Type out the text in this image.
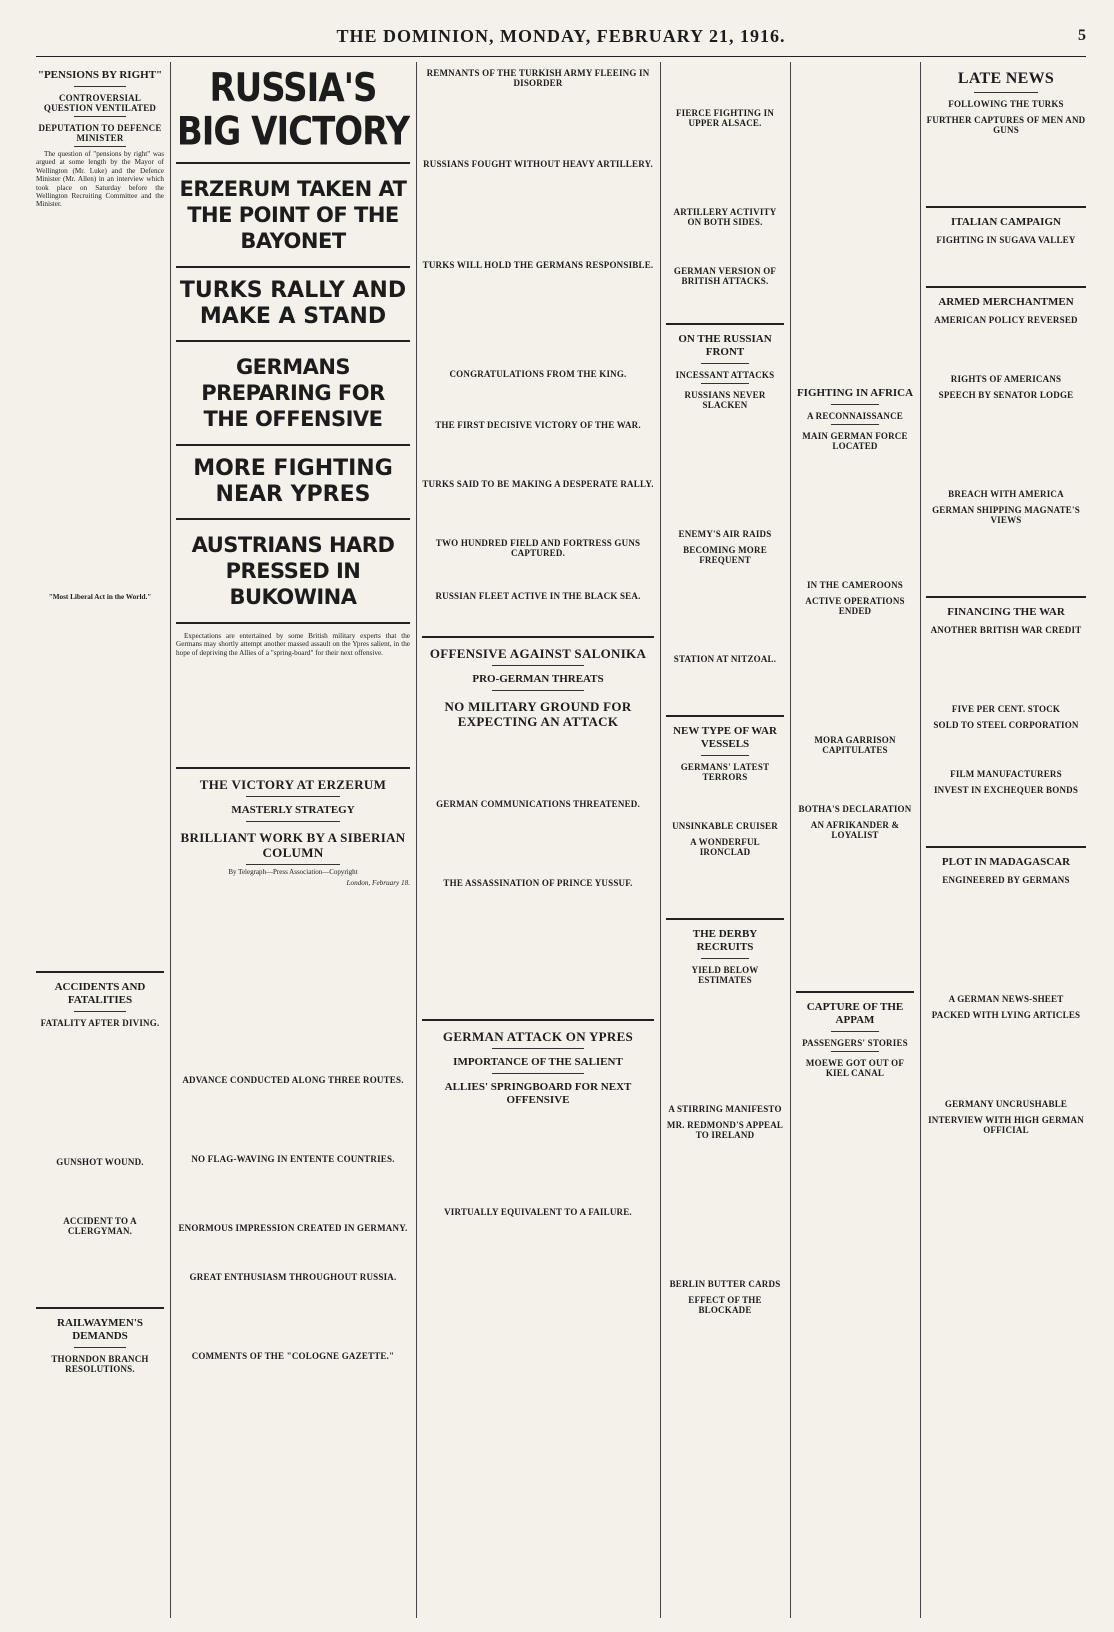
THE DOMINION, MONDAY, FEBRUARY 21, 1916.	5
"PENSIONS BY RIGHT"
CONTROVERSIAL QUESTION VENTILATED
DEPUTATION TO DEFENCE MINISTER

The question of "pensions by right" was argued at some length by the Mayor of Wellington (Mr. Luke) and the Defence Minister (Mr. Allen) in an interview which took place on Saturday before the Wellington Recruiting Committee and the Minister.

"Most Liberal Act in the World."

ACCIDENTS AND FATALITIES
FATALITY AFTER DIVING.
GUNSHOT WOUND.
ACCIDENT TO A CLERGYMAN.
RAILWAYMEN'S DEMANDS
THORNDON BRANCH RESOLUTIONS.
RUSSIA'S BIG VICTORY
ERZERUM TAKEN AT THE POINT OF THE BAYONET
TURKS RALLY AND MAKE A STAND
GERMANS PREPARING FOR THE OFFENSIVE
MORE FIGHTING NEAR YPRES
AUSTRIANS HARD PRESSED IN BUKOWINA

Expectations are entertained by some British military experts that the Germans may shortly attempt another massed assault on the Ypres salient, in the hope of depriving the Allies of a "spring-board" for their next offensive.

THE VICTORY AT ERZERUM
MASTERLY STRATEGY
BRILLIANT WORK BY A SIBERIAN COLUMN
By Telegraph—Press Association—Copyright
London, February 18.
ADVANCE CONDUCTED ALONG THREE ROUTES.
NO FLAG-WAVING IN ENTENTE COUNTRIES.
ENORMOUS IMPRESSION CREATED IN GERMANY.
GREAT ENTHUSIASM THROUGHOUT RUSSIA.
COMMENTS OF THE "COLOGNE GAZETTE."
REMNANTS OF THE TURKISH ARMY FLEEING IN DISORDER
RUSSIANS FOUGHT WITHOUT HEAVY ARTILLERY.
TURKS WILL HOLD THE GERMANS RESPONSIBLE.
CONGRATULATIONS FROM THE KING.
THE FIRST DECISIVE VICTORY OF THE WAR.
TURKS SAID TO BE MAKING A DESPERATE RALLY.
TWO HUNDRED FIELD AND FORTRESS GUNS CAPTURED.
RUSSIAN FLEET ACTIVE IN THE BLACK SEA.
OFFENSIVE AGAINST SALONIKA
PRO-GERMAN THREATS
NO MILITARY GROUND FOR EXPECTING AN ATTACK
GERMAN COMMUNICATIONS THREATENED.
THE ASSASSINATION OF PRINCE YUSSUF.
GERMAN ATTACK ON YPRES
IMPORTANCE OF THE SALIENT
ALLIES' SPRINGBOARD FOR NEXT OFFENSIVE
VIRTUALLY EQUIVALENT TO A FAILURE.
FIERCE FIGHTING IN UPPER ALSACE.
ARTILLERY ACTIVITY ON BOTH SIDES.
GERMAN VERSION OF BRITISH ATTACKS.
ON THE RUSSIAN FRONT
INCESSANT ATTACKS
RUSSIANS NEVER SLACKEN
ENEMY'S AIR RAIDS
BECOMING MORE FREQUENT
STATION AT NITZOAL.
NEW TYPE OF WAR VESSELS
GERMANS' LATEST TERRORS
UNSINKABLE CRUISER
A WONDERFUL IRONCLAD
THE DERBY RECRUITS
YIELD BELOW ESTIMATES
A STIRRING MANIFESTO
MR. REDMOND'S APPEAL TO IRELAND
BERLIN BUTTER CARDS
EFFECT OF THE BLOCKADE
FIGHTING IN AFRICA
A RECONNAISSANCE
MAIN GERMAN FORCE LOCATED
IN THE CAMEROONS
ACTIVE OPERATIONS ENDED
MORA GARRISON CAPITULATES
BOTHA'S DECLARATION
AN AFRIKANDER & LOYALIST
CAPTURE OF THE APPAM
PASSENGERS' STORIES
MOEWE GOT OUT OF KIEL CANAL
LATE NEWS
FOLLOWING THE TURKS
FURTHER CAPTURES OF MEN AND GUNS
ITALIAN CAMPAIGN
FIGHTING IN SUGAVA VALLEY
ARMED MERCHANTMEN
AMERICAN POLICY REVERSED
RIGHTS OF AMERICANS
SPEECH BY SENATOR LODGE
BREACH WITH AMERICA
GERMAN SHIPPING MAGNATE'S VIEWS
FINANCING THE WAR
ANOTHER BRITISH WAR CREDIT
FIVE PER CENT. STOCK
SOLD TO STEEL CORPORATION
FILM MANUFACTURERS
INVEST IN EXCHEQUER BONDS
PLOT IN MADAGASCAR
ENGINEERED BY GERMANS
A GERMAN NEWS-SHEET
PACKED WITH LYING ARTICLES
GERMANY UNCRUSHABLE
INTERVIEW WITH HIGH GERMAN OFFICIAL
